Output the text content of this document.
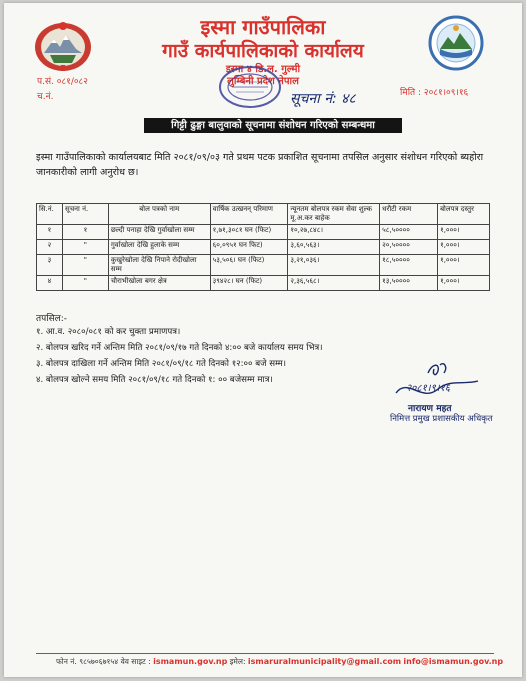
इस्मा गाउँपालिका
गाउँ कार्यपालिकाको कार्यालय
इस्मा ४ डि.ल. गुल्मी
लुम्बिनी प्रदेश नेपाल
प.सं. ०८१/०८२
च.नं.	मिति : २०८१।०९।१६
सूचना नं: ४८
गिट्टी ढुङ्गा बालुवाको सूचनामा संशोधन गरिएको सम्बन्धमा
इस्मा गाउँपालिकाको कार्यालयबाट मिति २०८१/०९/०३ गते प्रथम पटक प्रकाशित सूचनामा तपसिल अनुसार संशोधन गरिएको ब्यहोरा जानकारीको लागी अनुरोध छ।
सि.नं.	सूचना नं.	बोल पत्रको नाम	वार्षिक उत्खनन् परिमाण	न्यूनतम बोलपत्र रकम सेवा शुल्क मू.अ.कर बाहेक	धरौटी रकम	बोलपत्र दस्तुर
१	१	छल्दी पनाहा देखि गुर्वाखोला सम्म	१,७१,३०८१ घन (फिट)	१०,२७,८४८।	५८,५००००	१,०००।
२	"	गुर्वाखोला देखि हुलाके सम्म	६०,०९५१ घन फिट)	३,६०,५६३।	२०,५००००	१,०००।
३	"	कुखुरेखोला देखि निपाने रोदीखोला सम्म	५३,५०६। घन (फिट)	३,२१,०३६।	१८,५००००	१,०००।
४	"	चौराभीखोला बगर क्षेत्र	३९४२८। घन (फिट)	२,३६,५६८।	१३,५००००	१,०००।
तपसिल:-
१. आ.व. २०८०/०८१ को कर चुक्ता प्रमाणपत्र।
२. बोलपत्र खरिद गर्ने अन्तिम मिति २०८१/०९/१७ गते दिनको ४:०० बजे कार्यालय समय भित्र।
३. बोलपत्र दाखिला गर्ने अन्तिम मिति २०८१/०९/१८ गते दिनको १२:०० बजे सम्म।
४. बोलपत्र खोल्ने समय मिति २०८१/०९/१८ गते दिनको १: ०० बजेसम्म मात्र।
२०८१।९।१६
नारायण महत
निमित्त प्रमुख प्रशासकीय अधिकृत
फोन नं. ९८५७०६७१५४ वेव साइट : ismamun.gov.np इमेल: ismaruralmunicipality@gmail.com info@ismamun.gov.np
